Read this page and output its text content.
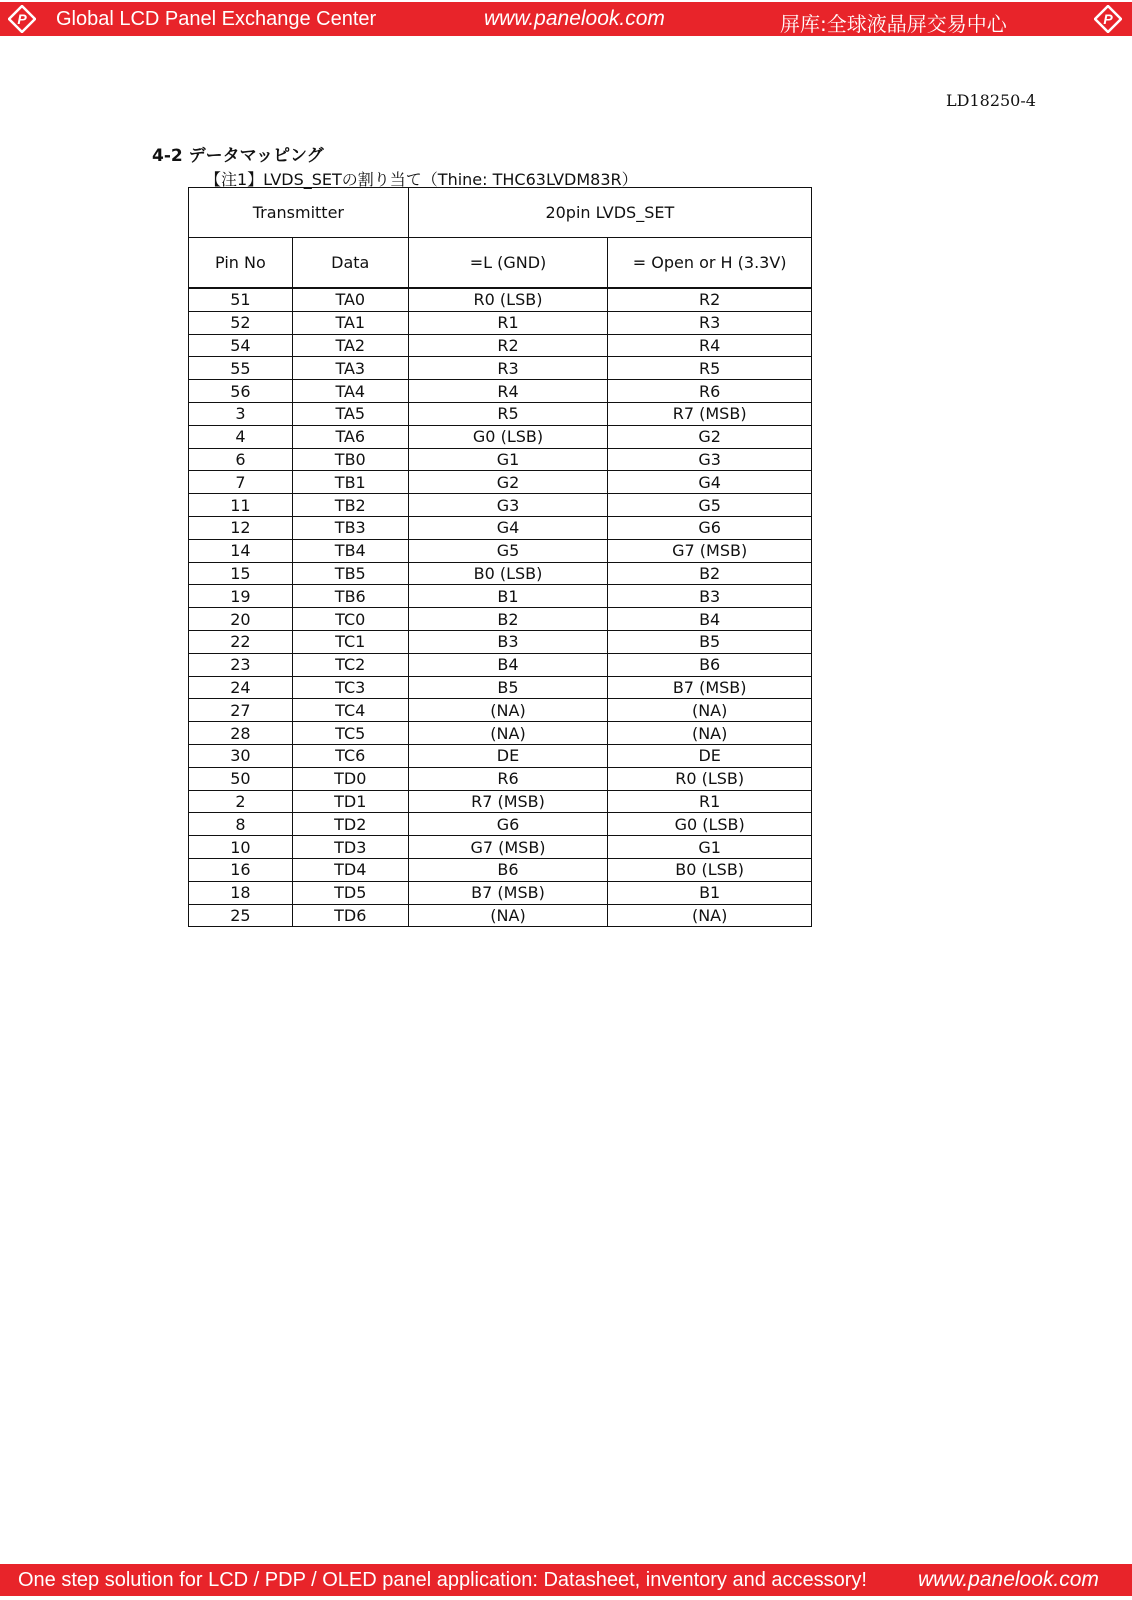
P Global LCD Panel Exchange Center	www.panelook.com	屏库:全球液晶屏交易中心	P
LD18250-4
4-2 データマッピング
【注1】LVDS_SETの割り当て（Thine: THC63LVDM83R）
Transmitter		20pin LVDS_SET	
Pin No	Data	=L (GND)	= Open or H (3.3V)
51	TA0	R0 (LSB)	R2
52	TA1	R1	R3
54	TA2	R2	R4
55	TA3	R3	R5
56	TA4	R4	R6
3	TA5	R5	R7 (MSB)
4	TA6	G0 (LSB)	G2
6	TB0	G1	G3
7	TB1	G2	G4
11	TB2	G3	G5
12	TB3	G4	G6
14	TB4	G5	G7 (MSB)
15	TB5	B0 (LSB)	B2
19	TB6	B1	B3
20	TC0	B2	B4
22	TC1	B3	B5
23	TC2	B4	B6
24	TC3	B5	B7 (MSB)
27	TC4	(NA)	(NA)
28	TC5	(NA)	(NA)
30	TC6	DE	DE
50	TD0	R6	R0 (LSB)
2	TD1	R7 (MSB)	R1
8	TD2	G6	G0 (LSB)
10	TD3	G7 (MSB)	G1
16	TD4	B6	B0 (LSB)
18	TD5	B7 (MSB)	B1
25	TD6	(NA)	(NA)
One step solution for LCD / PDP / OLED panel application: Datasheet, inventory and accessory! www.panelook.com
